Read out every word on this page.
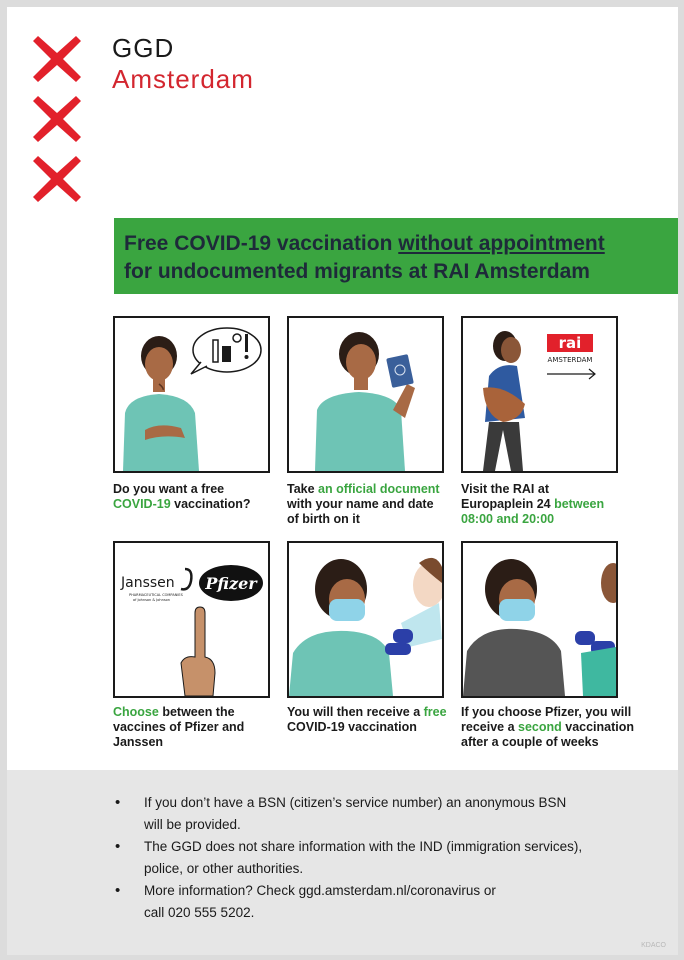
GGD
Amsterdam
Free COVID-19 vaccination without appointment
for undocumented migrants at RAI Amsterdam
rai
AMSTERDAM
Do you want a free
COVID-19 vaccination?
Take an official document
with your name and date
of birth on it
Visit the RAI at
Europaplein 24 between
08:00 and 20:00
Janssen
PHARMACEUTICAL COMPANIES
of Johnson & Johnson
Pfizer
Choose between the
vaccines of Pfizer and
Janssen
You will then receive a free
COVID-19 vaccination
If you choose Pfizer, you will
receive a second vaccination
after a couple of weeks
• If you don’t have a BSN (citizen’s service number) an anonymous BSN
will be provided.
• The GGD does not share information with the IND (immigration services),
police, or other authorities.
• More information? Check ggd.amsterdam.nl/coronavirus or
call 020 555 5202.
KDACO
